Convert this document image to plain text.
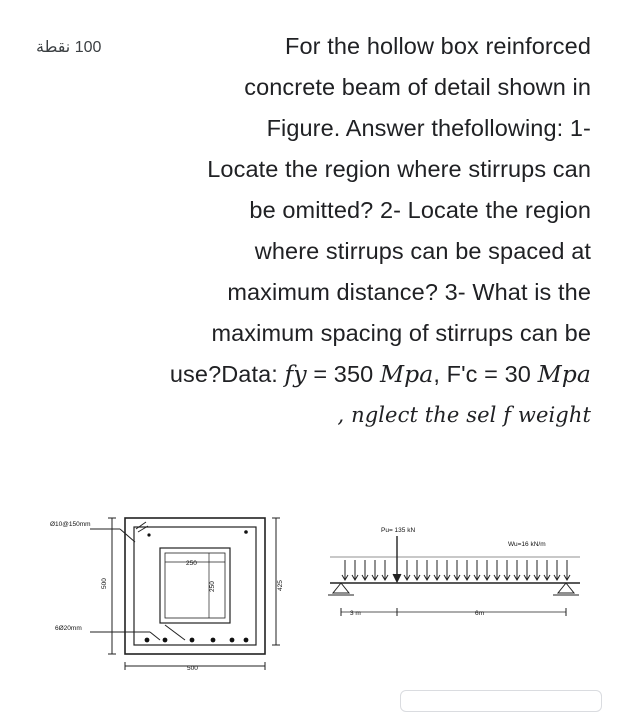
100 نقطة	For the hollow box reinforced
concrete beam of detail shown in
Figure. Answer thefollowing: 1-
Locate the region where stirrups can
be omitted? 2- Locate the region
where stirrups can be spaced at
maximum distance? 3- What is the
maximum spacing of stirrups can be
use?Data: fy = 350 Mpa, F'c = 30 Mpa
, nglect the sel f weight
Ø10@150mm
6Ø20mm
500	425
250
250
500
Pu= 135 kN
Wu=16 kN/m
3 m	6m
